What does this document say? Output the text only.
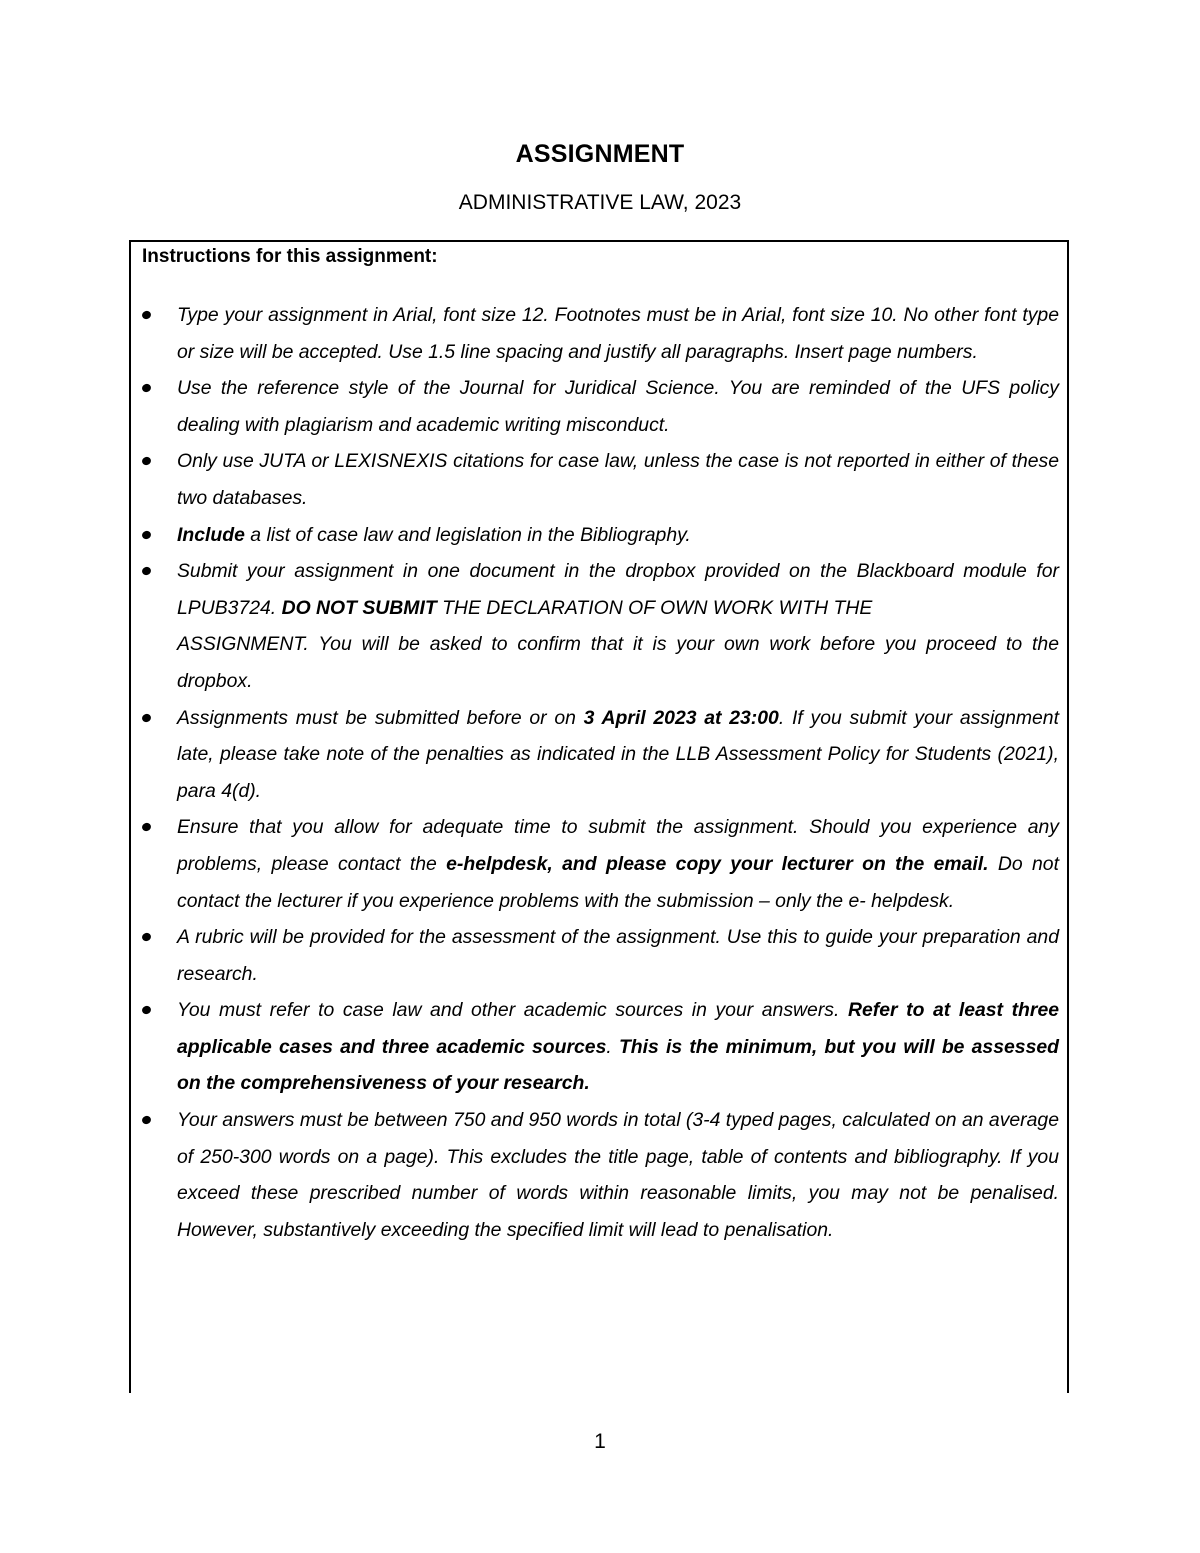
ASSIGNMENT
ADMINISTRATIVE LAW, 2023
Instructions for this assignment:
Type your assignment in Arial, font size 12. Footnotes must be in Arial, font size 10. No other font type or size will be accepted. Use 1.5 line spacing and justify all paragraphs. Insert page numbers.
Use the reference style of the Journal for Juridical Science. You are reminded of the UFS policy dealing with plagiarism and academic writing misconduct.
Only use JUTA or LEXISNEXIS citations for case law, unless the case is not reported in either of these two databases.
Include a list of case law and legislation in the Bibliography.
Submit your assignment in one document in the dropbox provided on the Blackboard module for LPUB3724. DO NOT SUBMIT THE DECLARATION OF OWN WORK WITH THE
ASSIGNMENT. You will be asked to confirm that it is your own work before you proceed to the dropbox.
Assignments must be submitted before or on 3 April 2023 at 23:00. If you submit your assignment late, please take note of the penalties as indicated in the LLB Assessment Policy for Students (2021), para 4(d).
Ensure that you allow for adequate time to submit the assignment. Should you experience any problems, please contact the e-helpdesk, and please copy your lecturer on the email. Do not contact the lecturer if you experience problems with the submission – only the e- helpdesk.
A rubric will be provided for the assessment of the assignment. Use this to guide your preparation and research.
You must refer to case law and other academic sources in your answers. Refer to at least three applicable cases and three academic sources. This is the minimum, but you will be assessed on the comprehensiveness of your research.
Your answers must be between 750 and 950 words in total (3-4 typed pages, calculated on an average of 250-300 words on a page). This excludes the title page, table of contents and bibliography. If you exceed these prescribed number of words within reasonable limits, you may not be penalised. However, substantively exceeding the specified limit will lead to penalisation.
1
